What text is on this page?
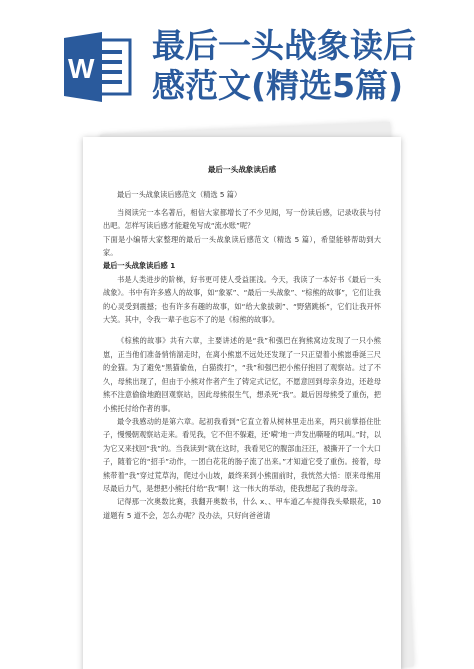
W
最后一头战象读后
感范文(精选5篇)
最后一头战象读后感
最后一头战象读后感范文（精选 5 篇）
当阅读完一本名著后，相信大家都增长了不少见闻，写一份读后感，记录收获与付出吧。怎样写读后感才能避免写成“流水账”呢？
下面是小编帮大家整理的最后一头战象读后感范文（精选 5 篇），希望能够帮助到大家。
最后一头战象读后感 1
书是人类进步的阶梯，好书更可使人受益匪浅。今天，我读了一本好书《最后一头战象》。书中有许多感人的故事，如“象冢”、“最后一头战象”、“棕熊的故事”，它们让我的心灵受到震撼；也有许多有趣的故事，如“给大象拔刺”、“野猪跳栎”，它们让我开怀大笑。其中，令我一辈子也忘不了的是《棕熊的故事》。
《棕熊的故事》共有六章，主要讲述的是“我”和强巴在狗熊窝边发现了一只小熊崽，正当他们准备悄悄溜走时，在离小熊崽不远处还发现了一只正望着小熊崽垂涎三尺的金猫。为了避免“黑猫偷鱼，白猫拨打”，“我”和强巴把小熊仔抱回了观察站。过了不久，母熊出现了，但由于小熊对作者产生了铸定式记忆，不愿意回到母亲身边，还趁母熊不注意偷偷地跑回观察站，因此母熊很生气，想杀死“我”。最后因母熊受了重伤，把小熊托付给作者的事。
最令我感动的是第六章。起初我看到“它直立着从树林里走出来，两只前掌捂住肚子，慢慢朝观察站走来。看见我，它不但不躲避，还‘嗬’地一声发出嘶哑的吼叫。”时，以为它又来找回“我”的。当我读到“就在这时，我看见它的腹部血汪汪，被撕开了一个大口子，随着它的“招手”动作，一团白花花的肠子流了出来。”才知道它受了重伤。接着，母熊带着“我”穿过荒草沟，爬过小山坡，最终来到小熊面前时，我恍然大悟：原来母熊用尽最后力气，是想把小熊托付给“我”啊！这一伟大的举动，使我想起了我的母亲。
记得那一次奥数比赛，我翻开奥数书，什么 x、、甲车道乙车搅得我头晕眼花，10 道题有 5 道不会，怎么办呢？没办法，只好向爸爸请
